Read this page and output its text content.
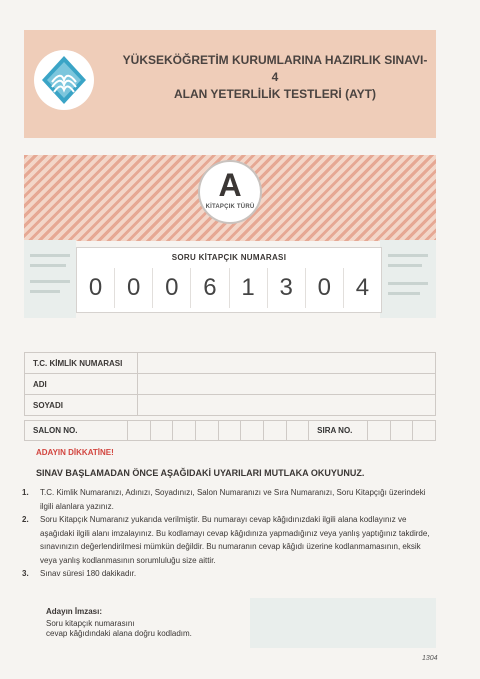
YÜKSEKÖĞRETİM KURUMLARINA HAZIRLIK SINAVI-4
ALAN YETERLİLİK TESTLERİ (AYT)
A
KİTAPÇIK TÜRÜ
SORU KİTAPÇIK NUMARASI
0	0	0	6	1	3	0	4
T.C. KİMLİK NUMARASI	
ADI	
SOYADI	
SALON NO.	SIRA NO.
ADAYIN DİKKATİNE!
SINAV BAŞLAMADAN ÖNCE AŞAĞIDAKİ UYARILARI MUTLAKA OKUYUNUZ.
1. T.C. Kimlik Numaranızı, Adınızı, Soyadınızı, Salon Numaranızı ve Sıra Numaranızı, Soru Kitapçığı üzerindeki ilgili alanlara yazınız.
2. Soru Kitapçık Numaranız yukarıda verilmiştir. Bu numarayı cevap kâğıdınızdaki ilgili alana kodlayınız ve aşağıdaki ilgili alanı imzalayınız. Bu kodlamayı cevap kâğıdınıza yapmadığınız veya yanlış yaptığınız takdirde, sınavınızın değerlendirilmesi mümkün değildir. Bu numaranın cevap kâğıdı üzerine kodlanmamasının, eksik veya yanlış kodlanmasının sorumluluğu size aittir.
3. Sınav süresi 180 dakikadır.
Adayın İmzası:
Soru kitapçık numarasını
cevap kâğıdındaki alana doğru kodladım.
1304
